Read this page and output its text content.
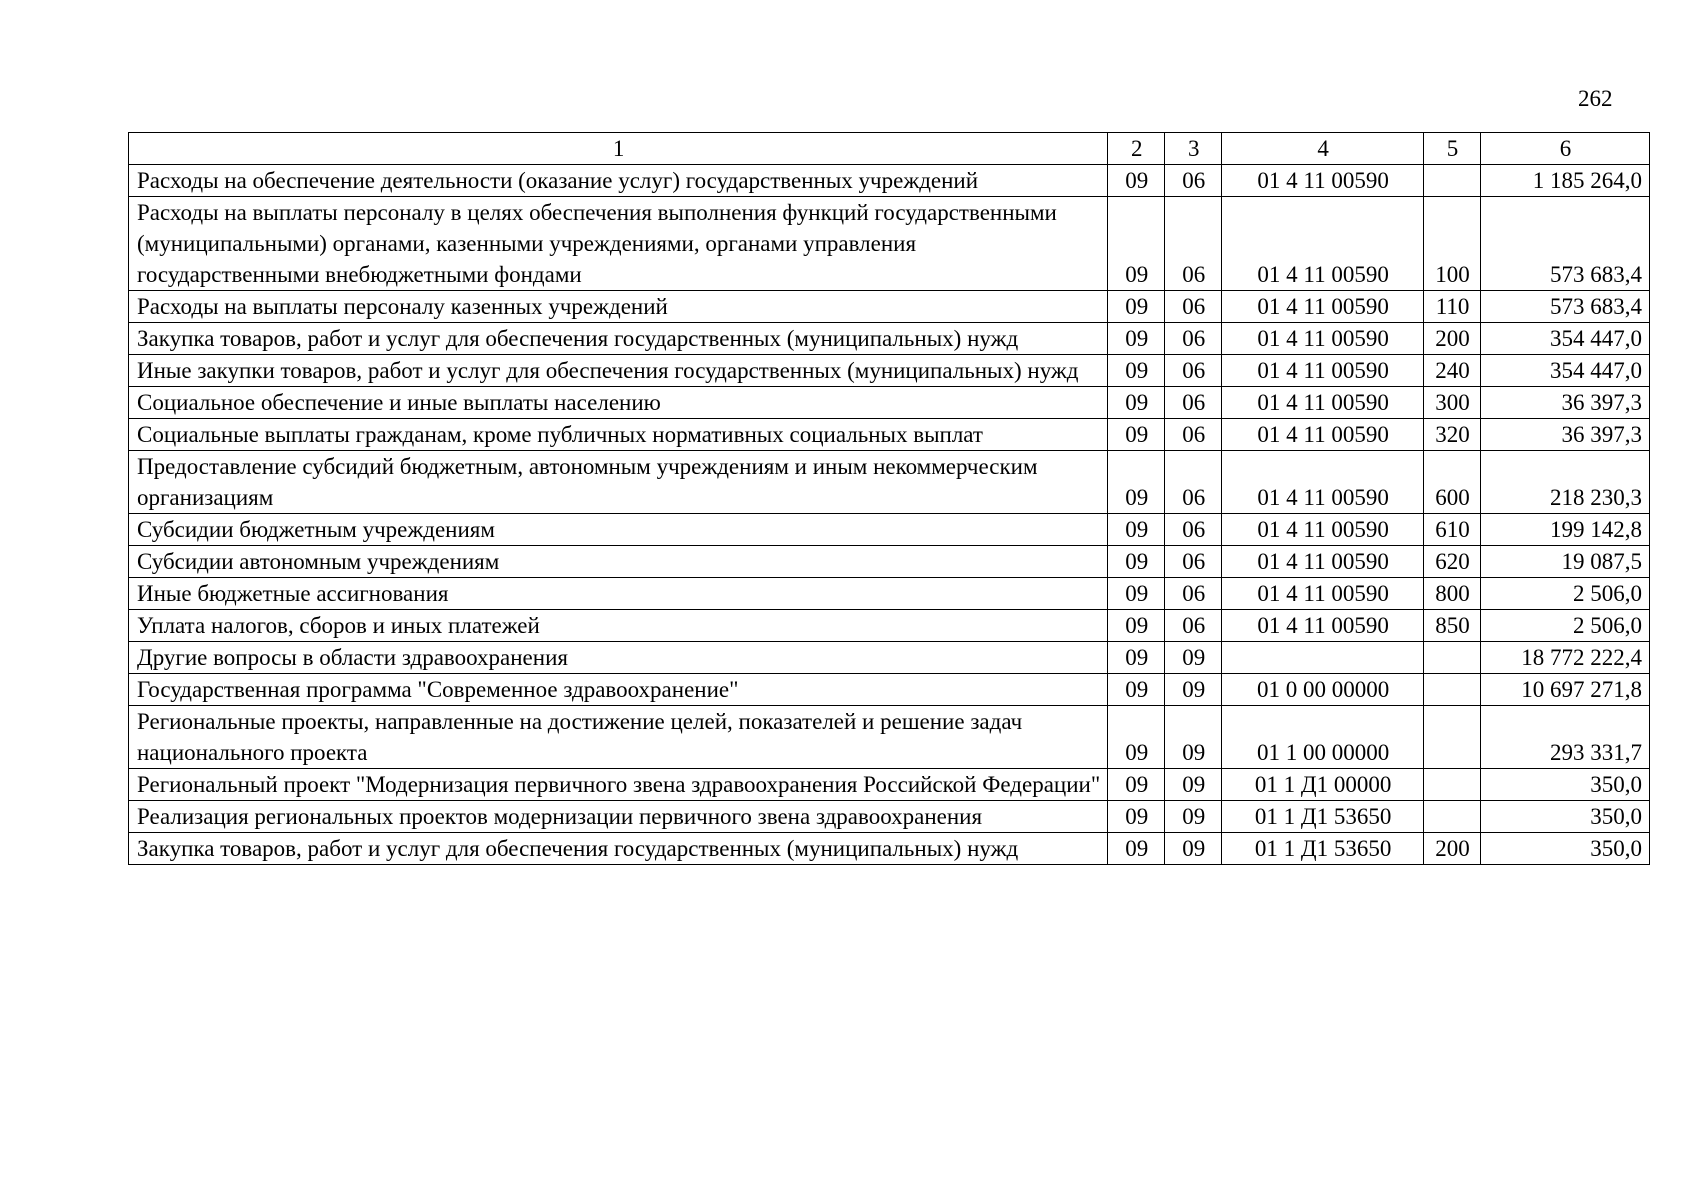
262
1	2	3	4	5	6
Расходы на обеспечение деятельности (оказание услуг) государственных учреждений	09	06	01 4 11 00590		1 185 264,0
Расходы на выплаты персоналу в целях обеспечения выполнения функций государственными (муниципальными) органами, казенными учреждениями, органами управления государственными внебюджетными фондами	09	06	01 4 11 00590	100	573 683,4
Расходы на выплаты персоналу казенных учреждений	09	06	01 4 11 00590	110	573 683,4
Закупка товаров, работ и услуг для обеспечения государственных (муниципальных) нужд	09	06	01 4 11 00590	200	354 447,0
Иные закупки товаров, работ и услуг для обеспечения государственных (муниципальных) нужд	09	06	01 4 11 00590	240	354 447,0
Социальное обеспечение и иные выплаты населению	09	06	01 4 11 00590	300	36 397,3
Социальные выплаты гражданам, кроме публичных нормативных социальных выплат	09	06	01 4 11 00590	320	36 397,3
Предоставление субсидий бюджетным, автономным учреждениям и иным некоммерческим организациям	09	06	01 4 11 00590	600	218 230,3
Субсидии бюджетным учреждениям	09	06	01 4 11 00590	610	199 142,8
Субсидии автономным учреждениям	09	06	01 4 11 00590	620	19 087,5
Иные бюджетные ассигнования	09	06	01 4 11 00590	800	2 506,0
Уплата налогов, сборов и иных платежей	09	06	01 4 11 00590	850	2 506,0
Другие вопросы в области здравоохранения	09	09			18 772 222,4
Государственная программа "Современное здравоохранение"	09	09	01 0 00 00000		10 697 271,8
Региональные проекты, направленные на достижение целей, показателей и решение задач национального проекта	09	09	01 1 00 00000		293 331,7
Региональный проект "Модернизация первичного звена здравоохранения Российской Федерации"	09	09	01 1 Д1 00000		350,0
Реализация региональных проектов модернизации первичного звена здравоохранения	09	09	01 1 Д1 53650		350,0
Закупка товаров, работ и услуг для обеспечения государственных (муниципальных) нужд	09	09	01 1 Д1 53650	200	350,0
